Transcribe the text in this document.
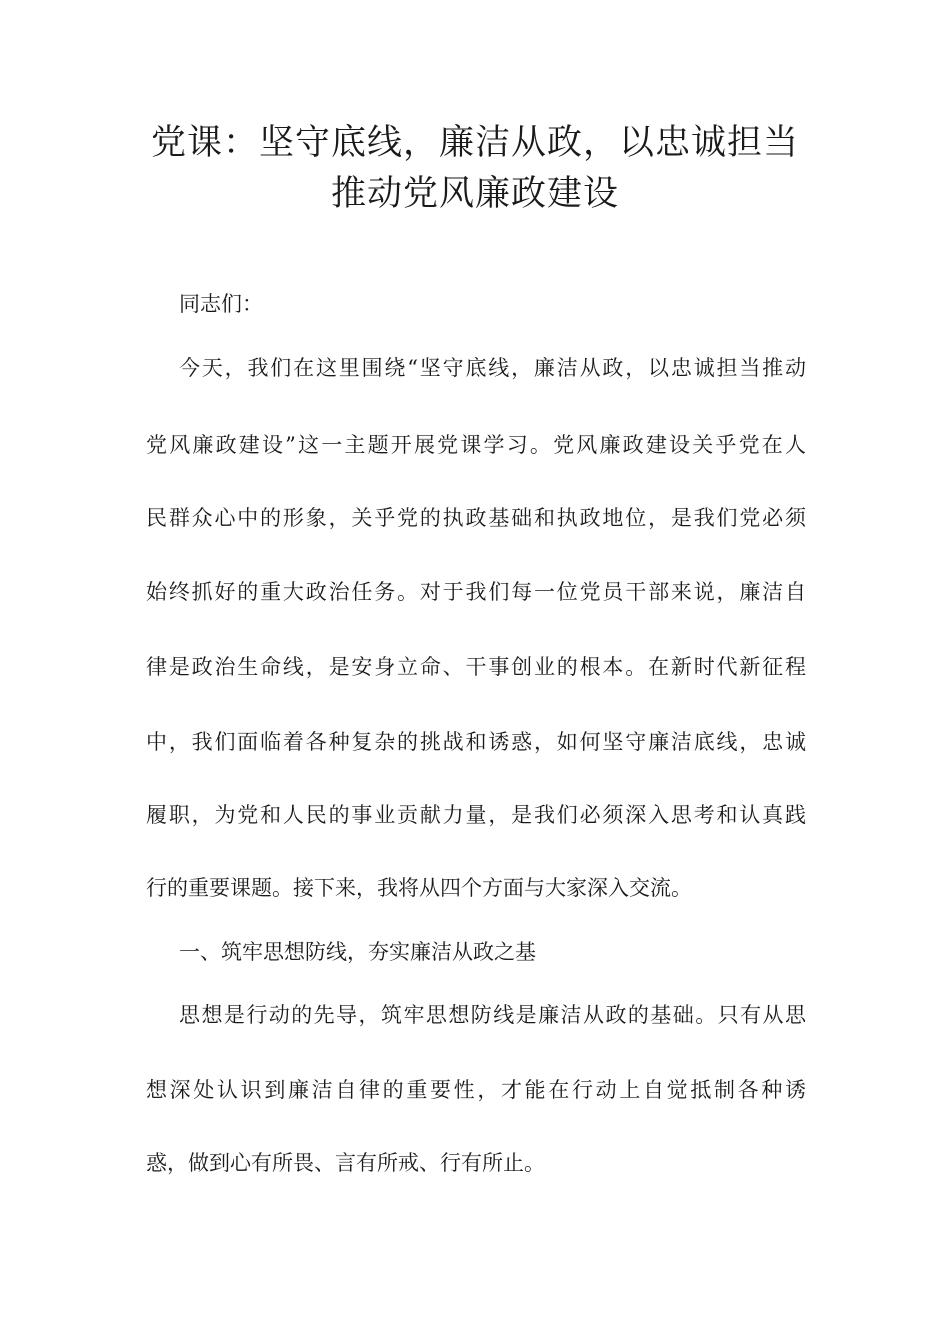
党课：坚守底线，廉洁从政，以忠诚担当
推动党风廉政建设

同志们：

今天，我们在这里围绕“坚守底线，廉洁从政，以忠诚担当推动

党风廉政建设”这一主题开展党课学习。党风廉政建设关乎党在人

民群众心中的形象，关乎党的执政基础和执政地位，是我们党必须

始终抓好的重大政治任务。对于我们每一位党员干部来说，廉洁自

律是政治生命线，是安身立命、干事创业的根本。在新时代新征程

中，我们面临着各种复杂的挑战和诱惑，如何坚守廉洁底线，忠诚

履职，为党和人民的事业贡献力量，是我们必须深入思考和认真践

行的重要课题。接下来，我将从四个方面与大家深入交流。

一、筑牢思想防线，夯实廉洁从政之基

思想是行动的先导，筑牢思想防线是廉洁从政的基础。只有从思

想深处认识到廉洁自律的重要性，才能在行动上自觉抵制各种诱

惑，做到心有所畏、言有所戒、行有所止。
